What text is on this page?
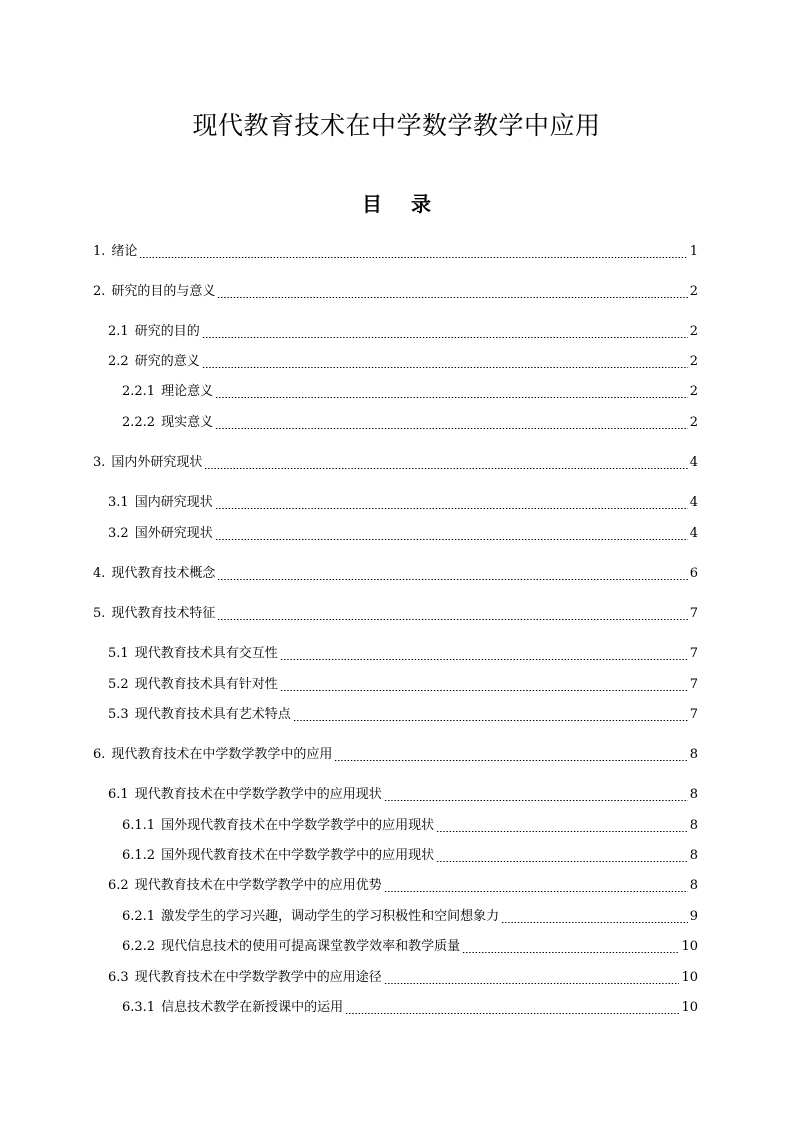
现代教育技术在中学数学教学中应用
目 录
1. 绪论	1
2. 研究的目的与意义	2
2.1 研究的目的	2
2.2 研究的意义	2
2.2.1 理论意义	2
2.2.2 现实意义	2
3. 国内外研究现状	4
3.1 国内研究现状	4
3.2 国外研究现状	4
4. 现代教育技术概念	6
5. 现代教育技术特征	7
5.1 现代教育技术具有交互性	7
5.2 现代教育技术具有针对性	7
5.3 现代教育技术具有艺术特点	7
6. 现代教育技术在中学数学教学中的应用	8
6.1 现代教育技术在中学数学教学中的应用现状	8
6.1.1 国外现代教育技术在中学数学教学中的应用现状	8
6.1.2 国外现代教育技术在中学数学教学中的应用现状	8
6.2 现代教育技术在中学数学教学中的应用优势	8
6.2.1 激发学生的学习兴趣，调动学生的学习积极性和空间想象力	9
6.2.2 现代信息技术的使用可提高课堂教学效率和教学质量	10
6.3 现代教育技术在中学数学教学中的应用途径	10
6.3.1 信息技术教学在新授课中的运用	10
